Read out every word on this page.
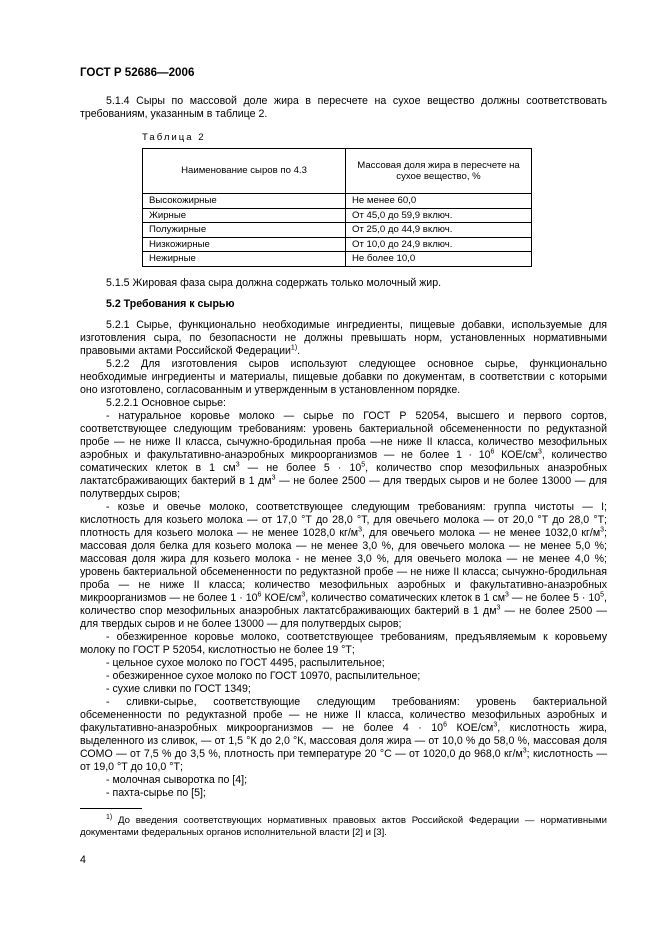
ГОСТ Р 52686—2006

5.1.4 Сыры по массовой доле жира в пересчете на сухое вещество должны соответствовать требованиям, указанным в таблице 2.

Таблица 2
Наименование сыров по 4.3	Массовая доля жира в пересчете на сухое вещество, %
Высокожирные	Не менее 60,0
Жирные	От 45,0 до 59,9 включ.
Полужирные	От 25,0 до 44,9 включ.
Низкожирные	От 10,0 до 24,9 включ.
Нежирные	Не более 10,0

5.1.5 Жировая фаза сыра должна содержать только молочный жир.

5.2 Требования к сырью

5.2.1 Сырье, функционально необходимые ингредиенты, пищевые добавки, используемые для изготовления сыра, по безопасности не должны превышать норм, установленных нормативными правовыми актами Российской Федерации$^{1)}$.

5.2.2 Для изготовления сыров используют следующее основное сырье, функционально необходимые ингредиенты и материалы, пищевые добавки по документам, в соответствии с которыми оно изготовлено, согласованным и утвержденным в установленном порядке.

5.2.2.1 Основное сырье:

- натуральное коровье молоко — сырье по ГОСТ Р 52054, высшего и первого сортов, соответствующее следующим требованиям: уровень бактериальной обсемененности по редуктазной пробе — не ниже II класса, сычужно-бродильная проба —не ниже II класса, количество мезофильных аэробных и факультативно-анаэробных микроорганизмов — не более $1 \cdot 10^6$ КОЕ/$см^3$, количество соматических клеток в 1 $см^3$ — не более $5 \cdot 10^5$, количество спор мезофильных анаэробных лактатсбраживающих бактерий в 1 $дм^3$ — не более 2500 — для твердых сыров и не более 13000 — для полутвердых сыров;

- козье и овечье молоко, соответствующее следующим требованиям: группа чистоты — I; кислотность для козьего молока — от 17,0 °Т до 28,0 °Т, для овечьего молока — от 20,0 °Т до 28,0 °Т; плотность для козьего молока — не менее 1028,0 $кг/м^3$, для овечьего молока — не менее 1032,0 $кг/м^3$; массовая доля белка для козьего молока — не менее 3,0 %, для овечьего молока — не менее 5,0 %; массовая доля жира для козьего молока - не менее 3,0 %, для овечьего молока — не менее 4,0 %; уровень бактериальной обсемененности по редуктазной пробе — не ниже II класса; сычужно-бродильная проба — не ниже II класса; количество мезофильных аэробных и факультативно-анаэробных микроорганизмов — не более $1 \cdot 10^6$ КОЕ/$см^3$, количество соматических клеток в 1 $см^3$ — не более $5 \cdot 10^5$, количество спор мезофильных анаэробных лактатсбраживающих бактерий в 1 $дм^3$ — не более 2500 — для твердых сыров и не более 13000 — для полутвердых сыров;

- обезжиренное коровье молоко, соответствующее требованиям, предъявляемым к коровьему молоку по ГОСТ Р 52054, кислотностью не более 19 °Т;

- цельное сухое молоко по ГОСТ 4495, распылительное;

- обезжиренное сухое молоко по ГОСТ 10970, распылительное;

- сухие сливки по ГОСТ 1349;

- сливки-сырье, соответствующие следующим требованиям: уровень бактериальной обсемененности по редуктазной пробе — не ниже II класса, количество мезофильных аэробных и факультативно-анаэробных микроорганизмов — не более $4 \cdot 10^6$ КОЕ/$см^3$, кислотность жира, выделенного из сливок, — от 1,5 °К до 2,0 °К, массовая доля жира — от 10,0 % до 58,0 %, массовая доля СОМО — от 7,5 % до 3,5 %, плотность при температуре 20 °С — от 1020,0 до 968,0 $кг/м^3$; кислотность — от 19,0 °Т до 10,0 °Т;

- молочная сыворотка по [4];

- пахта-сырье по [5];

$^{1)}$ До введения соответствующих нормативных правовых актов Российской Федерации — нормативными документами федеральных органов исполнительной власти [2] и [3].

4
